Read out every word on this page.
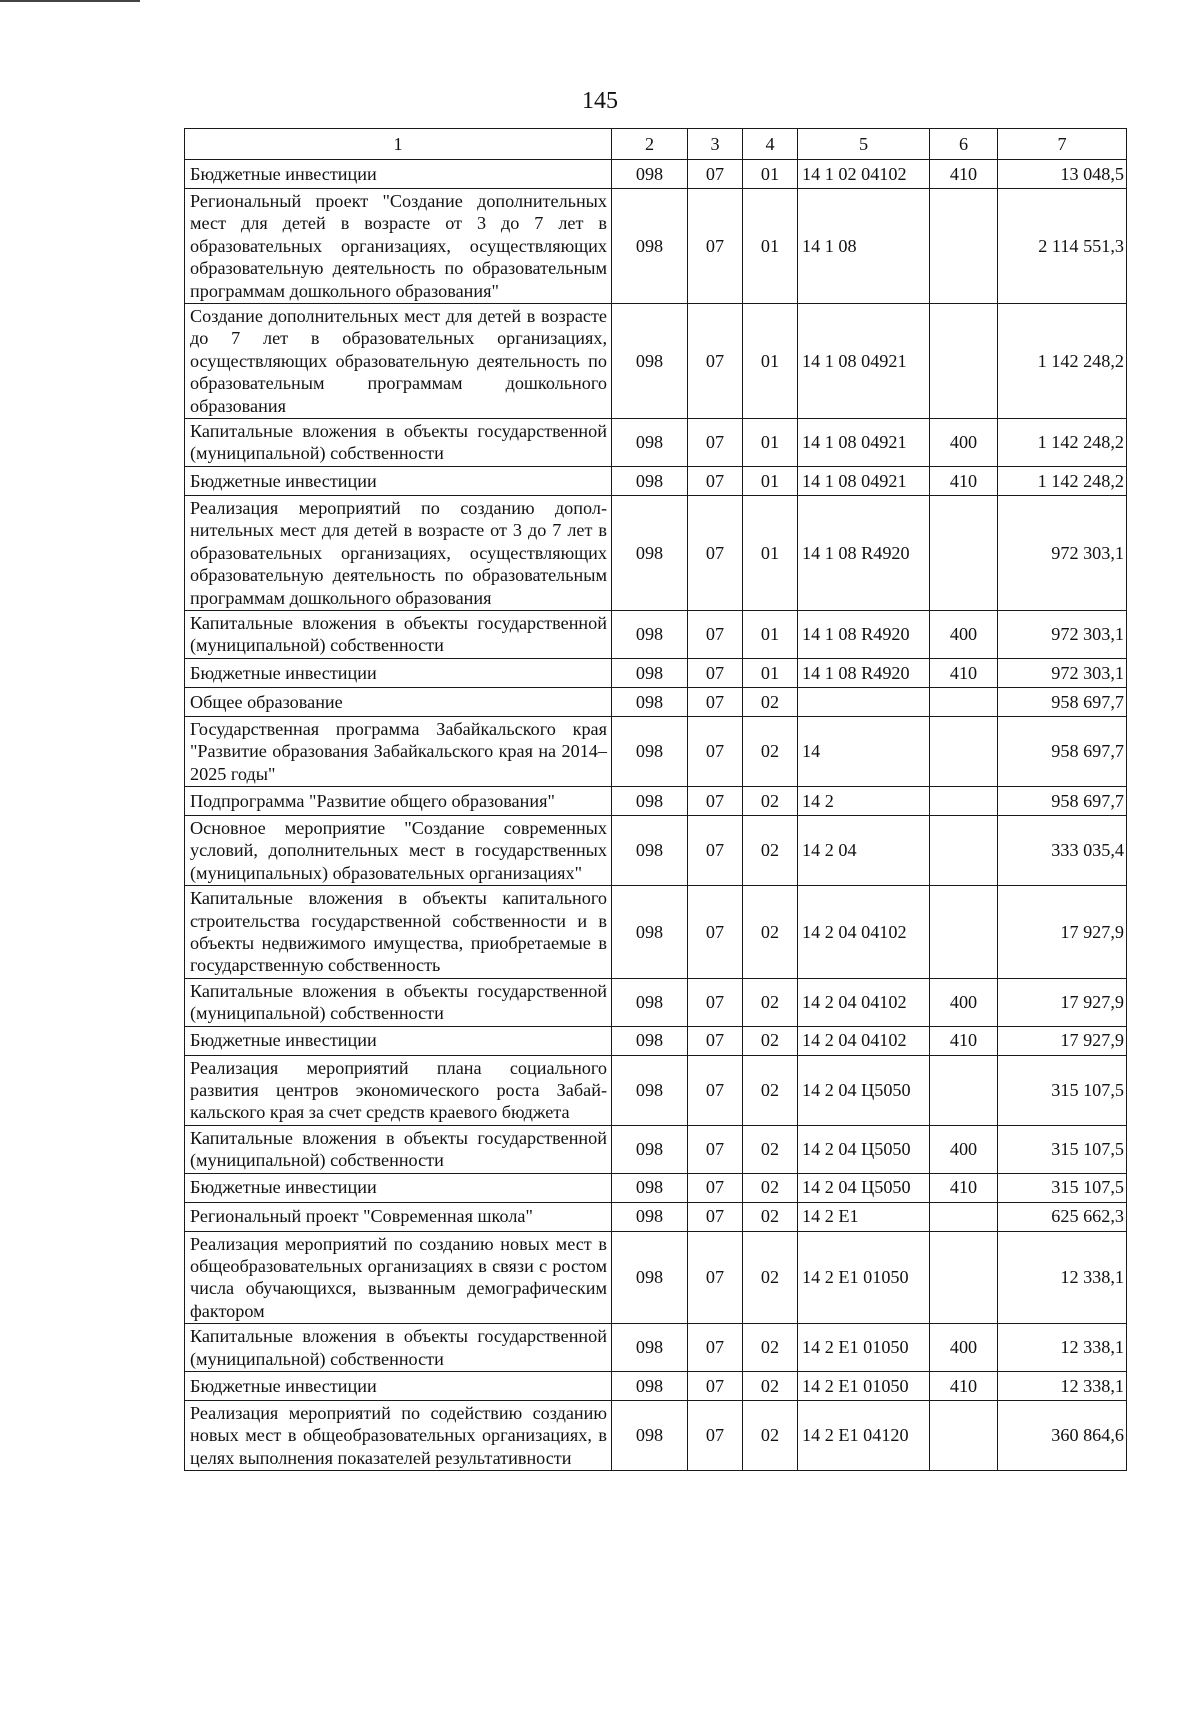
145
1	2	3	4	5	6	7
Бюджетные инвестиции	098	07	01	14 1 02 04102	410	13 048,5
Региональный проект "Создание дополнительных мест для детей в возрасте от 3 до 7 лет в образовательных организациях, осуществляющих образовательную деятельность по образовательным программам дошкольного образования"	098	07	01	14 1 08		2 114 551,3
Создание дополнительных мест для детей в возрасте до 7 лет в образовательных организациях, осуществляющих образовательную деятельность по образовательным программам дошкольного образования	098	07	01	14 1 08 04921		1 142 248,2
Капитальные вложения в объекты государственной (муниципальной) собственности	098	07	01	14 1 08 04921	400	1 142 248,2
Бюджетные инвестиции	098	07	01	14 1 08 04921	410	1 142 248,2
Реализация мероприятий по созданию дополнительных мест для детей в возрасте от 3 до 7 лет в образовательных организациях, осуществляющих образовательную деятельность по образовательным программам дошкольного образования	098	07	01	14 1 08 R4920		972 303,1
Капитальные вложения в объекты государственной (муниципальной) собственности	098	07	01	14 1 08 R4920	400	972 303,1
Бюджетные инвестиции	098	07	01	14 1 08 R4920	410	972 303,1
Общее образование	098	07	02			958 697,7
Государственная программа Забайкальского края "Развитие образования Забайкальского края на 2014–2025 годы"	098	07	02	14		958 697,7
Подпрограмма "Развитие общего образования"	098	07	02	14 2		958 697,7
Основное мероприятие "Создание современных условий, дополнительных мест в государственных (муниципальных) образовательных организациях"	098	07	02	14 2 04		333 035,4
Капитальные вложения в объекты капитального строительства государственной собственности и в объекты недвижимого имущества, приобретаемые в государственную собственность	098	07	02	14 2 04 04102		17 927,9
Капитальные вложения в объекты государственной (муниципальной) собственности	098	07	02	14 2 04 04102	400	17 927,9
Бюджетные инвестиции	098	07	02	14 2 04 04102	410	17 927,9
Реализация мероприятий плана социального развития центров экономического роста Забайкальского края за счет средств краевого бюджета	098	07	02	14 2 04 Ц5050		315 107,5
Капитальные вложения в объекты государственной (муниципальной) собственности	098	07	02	14 2 04 Ц5050	400	315 107,5
Бюджетные инвестиции	098	07	02	14 2 04 Ц5050	410	315 107,5
Региональный проект "Современная школа"	098	07	02	14 2 E1		625 662,3
Реализация мероприятий по созданию новых мест в общеобразовательных организациях в связи с ростом числа обучающихся, вызванным демографическим фактором	098	07	02	14 2 E1 01050		12 338,1
Капитальные вложения в объекты государственной (муниципальной) собственности	098	07	02	14 2 E1 01050	400	12 338,1
Бюджетные инвестиции	098	07	02	14 2 E1 01050	410	12 338,1
Реализация мероприятий по содействию созданию новых мест в общеобразовательных организациях, в целях выполнения показателей результативности	098	07	02	14 2 E1 04120		360 864,6
